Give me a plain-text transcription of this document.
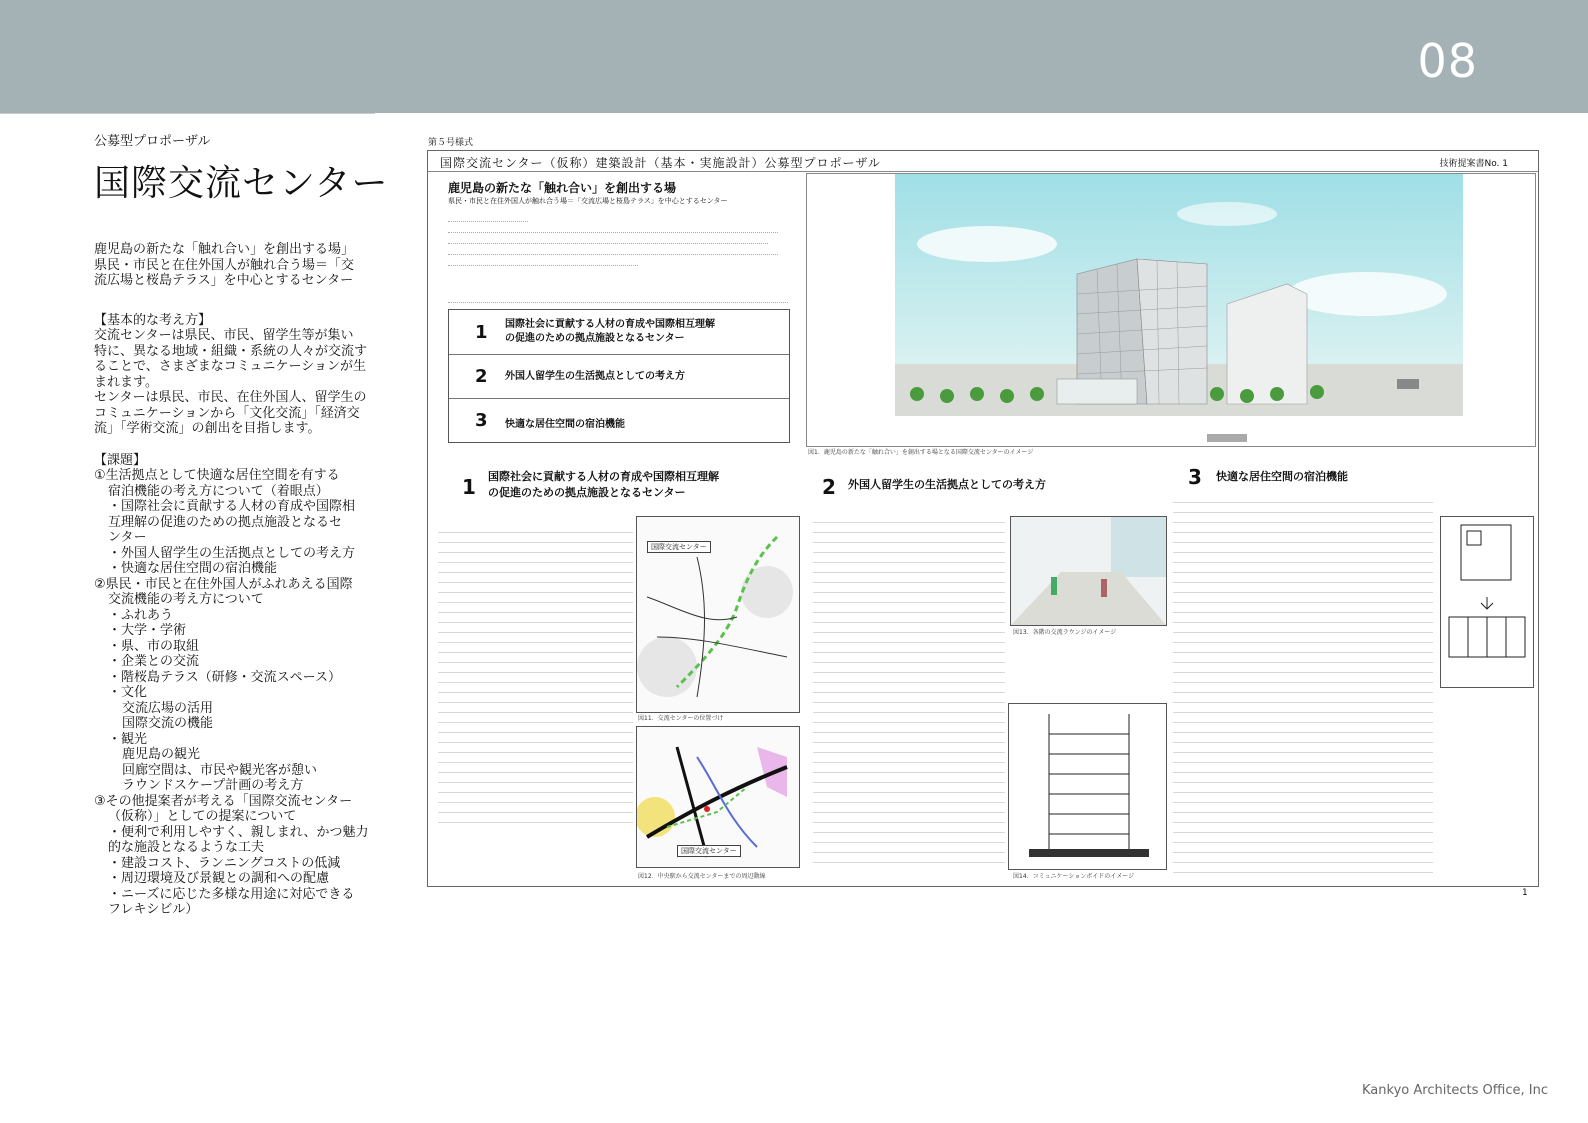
08

公募型プロポーザル

国際交流センター

鹿児島の新たな「触れ合い」を創出する場」

県民・市民と在住外国人が触れ合う場＝「交

流広場と桜島テラス」を中心とするセンター

【基本的な考え方】

交流センターは県民、市民、留学生等が集い

特に、異なる地域・組織・系統の人々が交流す

ることで、さまざまなコミュニケーションが生

まれます。

センターは県民、市民、在住外国人、留学生の

コミュニケーションから「文化交流」「経済交

流」「学術交流」の創出を目指します。

【課題】

①生活拠点として快適な居住空間を有する

宿泊機能の考え方について（着眼点）

・国際社会に貢献する人材の育成や国際相

互理解の促進のための拠点施設となるセ

ンター

・外国人留学生の生活拠点としての考え方

・快適な居住空間の宿泊機能

②県民・市民と在住外国人がふれあえる国際

交流機能の考え方について

・ふれあう

・大学・学術

・県、市の取組

・企業との交流

・階桜島テラス（研修・交流スペース）

・文化

交流広場の活用

国際交流の機能

・観光

鹿児島の観光

回廊空間は、市民や観光客が憩い

ラウンドスケープ計画の考え方

③その他提案者が考える「国際交流センター

（仮称）」としての提案について

・便利で利用しやすく、親しまれ、かつ魅力

的な施設となるような工夫

・建設コスト、ランニングコストの低減

・周辺環境及び景観との調和への配慮

・ニーズに応じた多様な用途に対応できる

フレキシビル）

第５号様式
国際交流センター（仮称）建築設計（基本・実施設計）公募型プロポーザル	技術提案書No. 1
鹿児島の新たな「触れ合い」を創出する場
県民・市民と在住外国人が触れ合う場＝「交流広場と桜島テラス」を中心とするセンター
1 国際社会に貢献する人材の育成や国際相互理解
の促進のための拠点施設となるセンター
2 外国人留学生の生活拠点としての考え方
3 快適な居住空間の宿泊機能
図1．鹿児島の新たな「触れ合い」を創出する場となる国際交流センターのイメージ
1 国際社会に貢献する人材の育成や国際相互理解
の促進のための拠点施設となるセンター	2 外国人留学生の生活拠点としての考え方	3 快適な居住空間の宿泊機能
国際交流センター
図11．交流センターの位置づけ
国際交流センター
図12．中央駅から交流センターまでの周辺動線
図13．各階の交流ラウンジのイメージ
図14．コミュニケーションボイドのイメージ
1
Kankyo Architects Office, Inc
